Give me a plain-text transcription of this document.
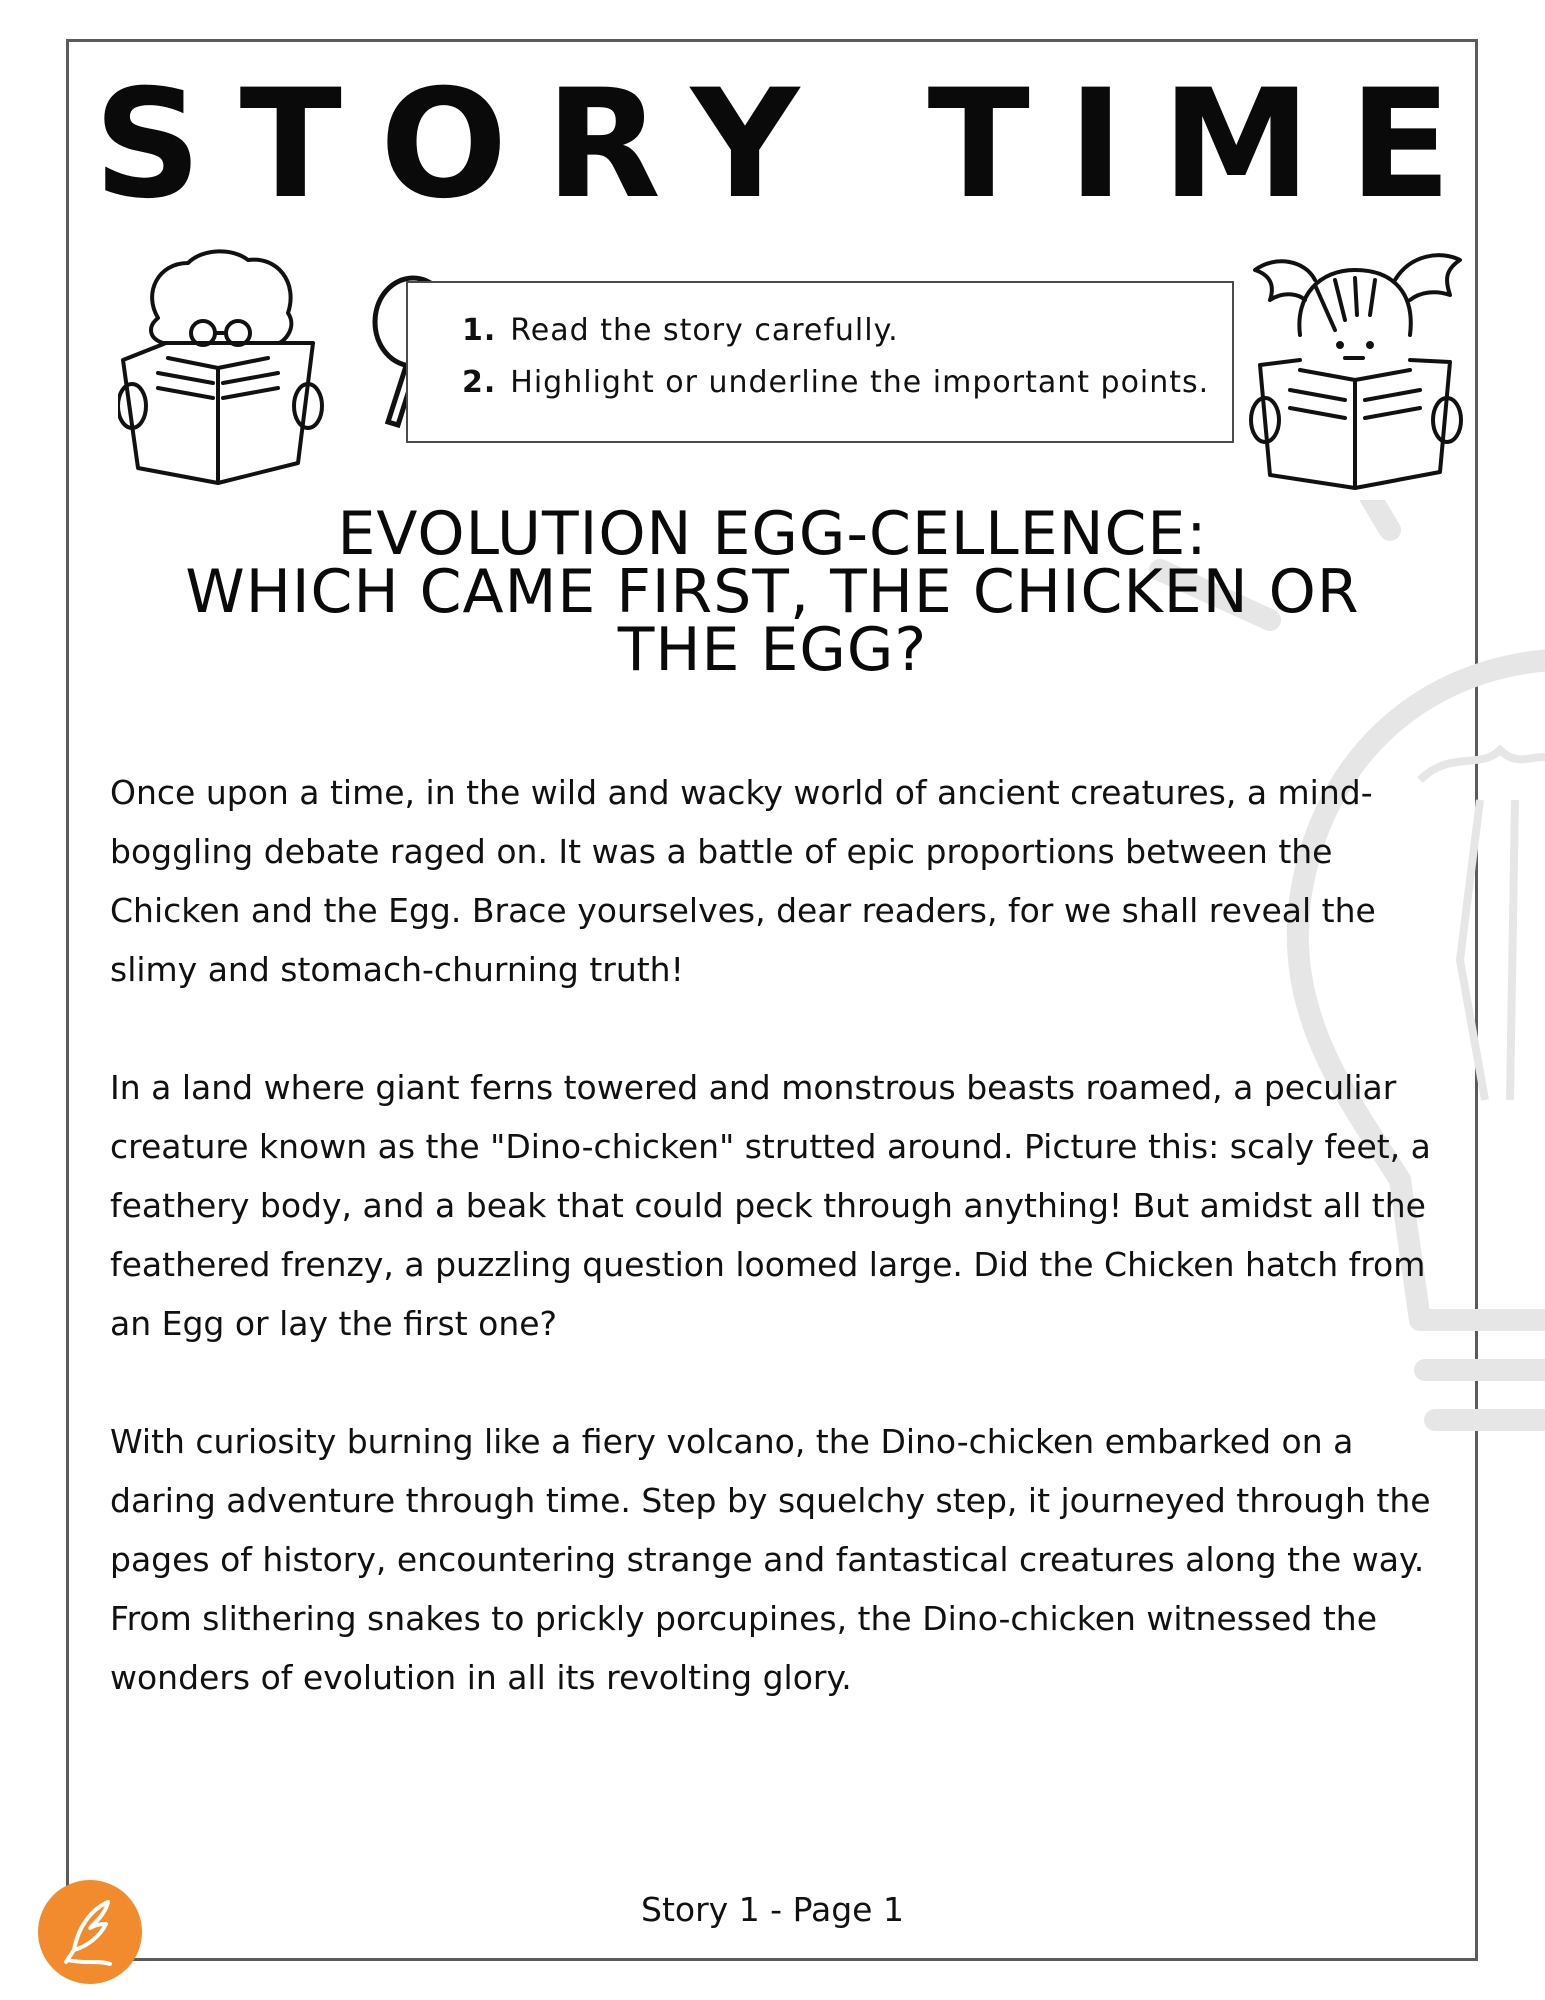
STORY TIME
1. Read the story carefully.
2. Highlight or underline the important points.
EVOLUTION EGG-CELLENCE:
WHICH CAME FIRST, THE CHICKEN OR
THE EGG?

Once upon a time, in the wild and wacky world of ancient creatures, a mind-boggling debate raged on. It was a battle of epic proportions between the Chicken and the Egg. Brace yourselves, dear readers, for we shall reveal the slimy and stomach-churning truth!

In a land where giant ferns towered and monstrous beasts roamed, a peculiar creature known as the "Dino-chicken" strutted around. Picture this: scaly feet, a feathery body, and a beak that could peck through anything! But amidst all the feathered frenzy, a puzzling question loomed large. Did the Chicken hatch from an Egg or lay the first one?

With curiosity burning like a fiery volcano, the Dino-chicken embarked on a daring adventure through time. Step by squelchy step, it journeyed through the pages of history, encountering strange and fantastical creatures along the way. From slithering snakes to prickly porcupines, the Dino-chicken witnessed the wonders of evolution in all its revolting glory.

Story 1 - Page 1
